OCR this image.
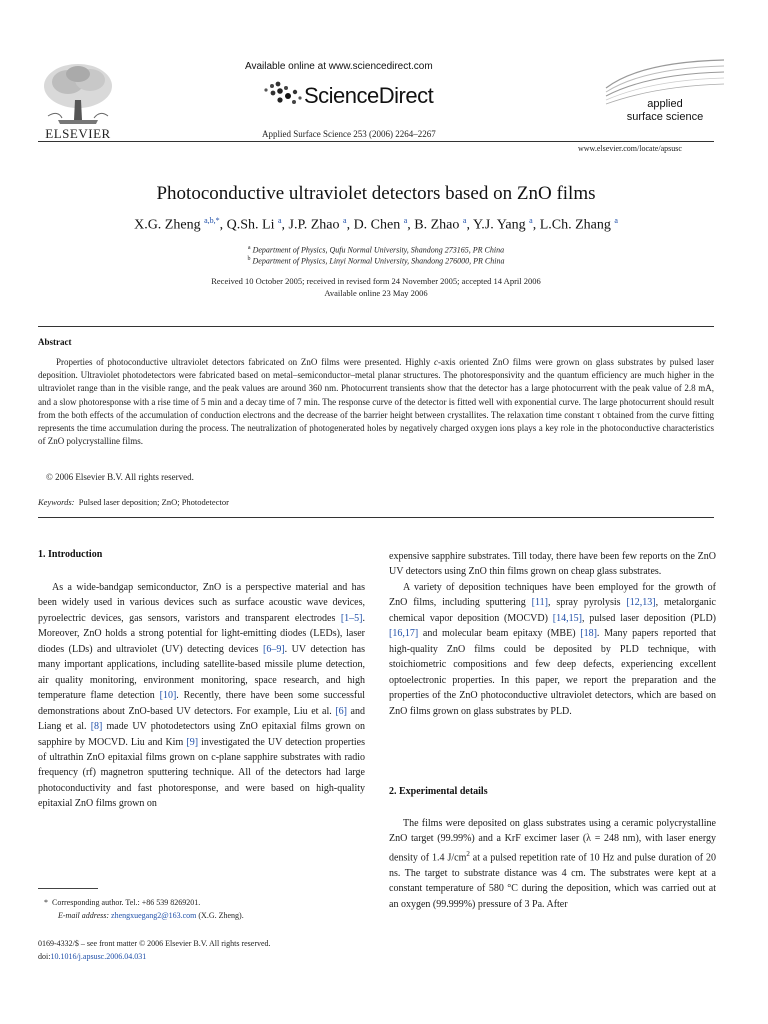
ELSEVIER
Available online at www.sciencedirect.com
ScienceDirect
Applied Surface Science 253 (2006) 2264–2267
applied
surface science
www.elsevier.com/locate/apsusc
Photoconductive ultraviolet detectors based on ZnO films
X.G. Zheng $^{a,b,*}$, Q.Sh. Li $^a$, J.P. Zhao $^a$, D. Chen $^a$, B. Zhao $^a$, Y.J. Yang $^a$, L.Ch. Zhang $^a$
$^a$ Department of Physics, Qufu Normal University, Shandong 273165, PR China
$^b$ Department of Physics, Linyi Normal University, Shandong 276000, PR China
Received 10 October 2005; received in revised form 24 November 2005; accepted 14 April 2006
Available online 23 May 2006
Abstract
Properties of photoconductive ultraviolet detectors fabricated on ZnO films were presented. Highly c-axis oriented ZnO films were grown on glass substrates by pulsed laser deposition. Ultraviolet photodetectors were fabricated based on metal–semiconductor–metal planar structures. The photoresponsivity and the quantum efficiency are much higher in the ultraviolet range than in the visible range, and the peak values are around 360 nm. Photocurrent transients show that the detector has a large photocurrent with the peak value of 2.8 mA, and a slow photoresponse with a rise time of 5 min and a decay time of 7 min. The response curve of the detector is fitted well with exponential curve. The large photocurrent should result from the both effects of the accumulation of conduction electrons and the decrease of the barrier height between crystallites. The relaxation time constant τ obtained from the curve fitting represents the time accumulation during the process. The neutralization of photogenerated holes by negatively charged oxygen ions plays a key role in the photoconductive characteristics of ZnO polycrystalline films.
© 2006 Elsevier B.V. All rights reserved.
Keywords: Pulsed laser deposition; ZnO; Photodetector
1. Introduction

As a wide-bandgap semiconductor, ZnO is a perspective material and has been widely used in various devices such as surface acoustic wave devices, pyroelectric devices, gas sensors, varistors and transparent electrodes [1–5]. Moreover, ZnO holds a strong potential for light-emitting diodes (LEDs), laser diodes (LDs) and ultraviolet (UV) detecting devices [6–9]. UV detection has many important applications, including satellite-based missile plume detection, air quality monitoring, environment monitoring, space research, and high temperature flame detection [10]. Recently, there have been some successful demonstrations about ZnO-based UV detectors. For example, Liu et al. [6] and Liang et al. [8] made UV photodetectors using ZnO epitaxial films grown on sapphire by MOCVD. Liu and Kim [9] investigated the UV detection properties of ultrathin ZnO epitaxial films grown on c-plane sapphire substrates with radio frequency (rf) magnetron sputtering technique. All of the detectors had large photoconductivity and fast photoresponse, and were based on high-quality epitaxial ZnO films grown on

* Corresponding author. Tel.: +86 539 8269201.
E-mail address: zhengxuegang2@163.com (X.G. Zheng).
0169-4332/$ – see front matter © 2006 Elsevier B.V. All rights reserved.
doi:10.1016/j.apsusc.2006.04.031

expensive sapphire substrates. Till today, there have been few reports on the ZnO UV detectors using ZnO thin films grown on cheap glass substrates.

A variety of deposition techniques have been employed for the growth of ZnO films, including sputtering [11], spray pyrolysis [12,13], metalorganic chemical vapor deposition (MOCVD) [14,15], pulsed laser deposition (PLD) [16,17] and molecular beam epitaxy (MBE) [18]. Many papers reported that high-quality ZnO films could be deposited by PLD technique, with stoichiometric compositions and few deep defects, experiencing excellent optoelectronic properties. In this paper, we report the preparation and the properties of the ZnO photoconductive ultraviolet detectors, which are based on ZnO films grown on glass substrates by PLD.

2. Experimental details

The films were deposited on glass substrates using a ceramic polycrystalline ZnO target (99.99%) and a KrF excimer laser (λ = 248 nm), with laser energy density of 1.4 $J/cm^2$ at a pulsed repetition rate of 10 Hz and pulse duration of 20 ns. The target to substrate distance was 4 cm. The substrates were kept at a constant temperature of 580 °C during the deposition, which was carried out at an oxygen (99.999%) pressure of 3 Pa. After
